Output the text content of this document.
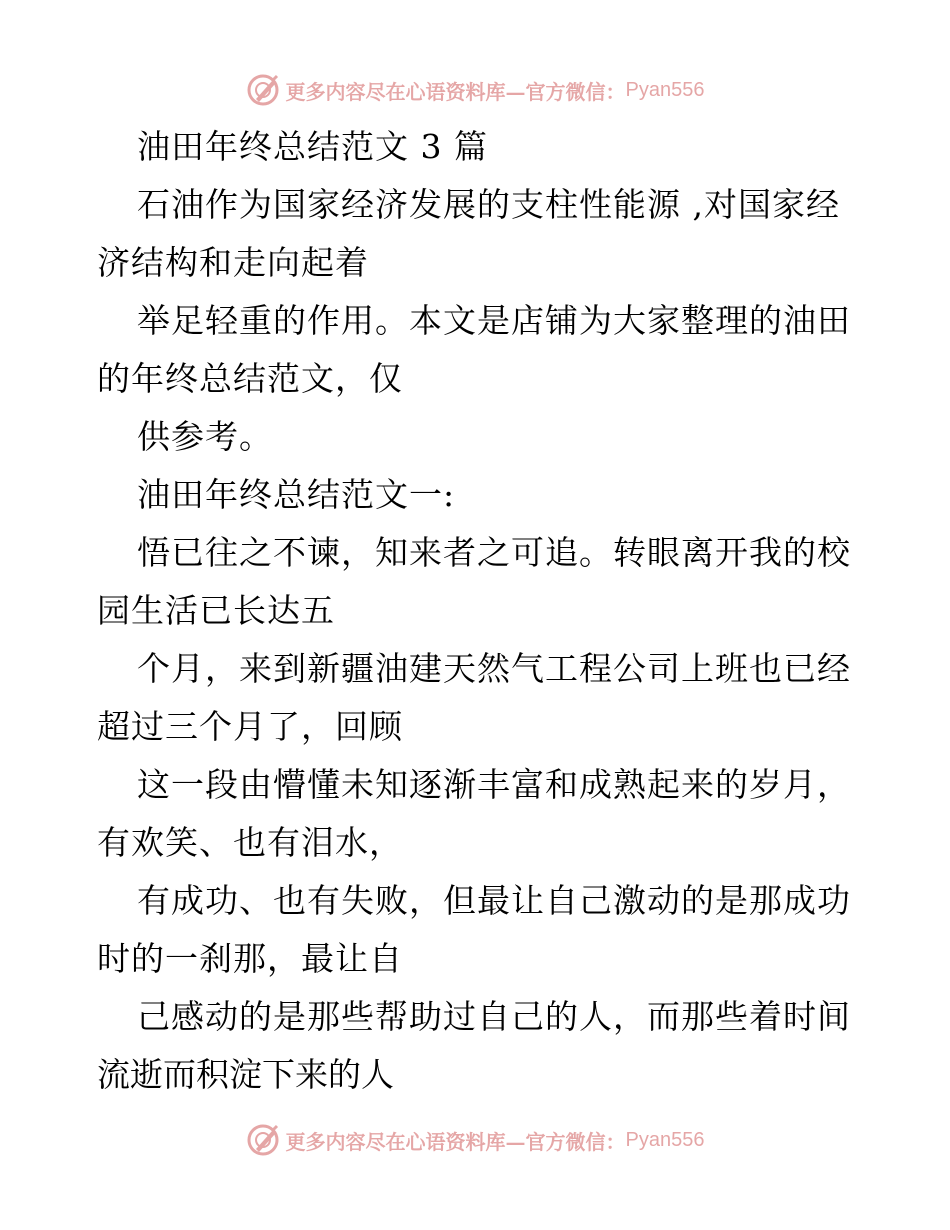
更多内容尽在心语资料库—官方微信： Pyan556
油田年终总结范文 3 篇
石油作为国家经济发展的支柱性能源 ,对国家经
济结构和走向起着
举足轻重的作用。本文是店铺为大家整理的油田
的年终总结范文，仅
供参考。
油田年终总结范文一:
悟已往之不谏，知来者之可追。转眼离开我的校
园生活已长达五
个月，来到新疆油建天然气工程公司上班也已经
超过三个月了，回顾
这一段由懵懂未知逐渐丰富和成熟起来的岁月，
有欢笑、也有泪水，
有成功、也有失败，但最让自己激动的是那成功
时的一刹那，最让自
己感动的是那些帮助过自己的人，而那些着时间
流逝而积淀下来的人
更多内容尽在心语资料库—官方微信： Pyan556
